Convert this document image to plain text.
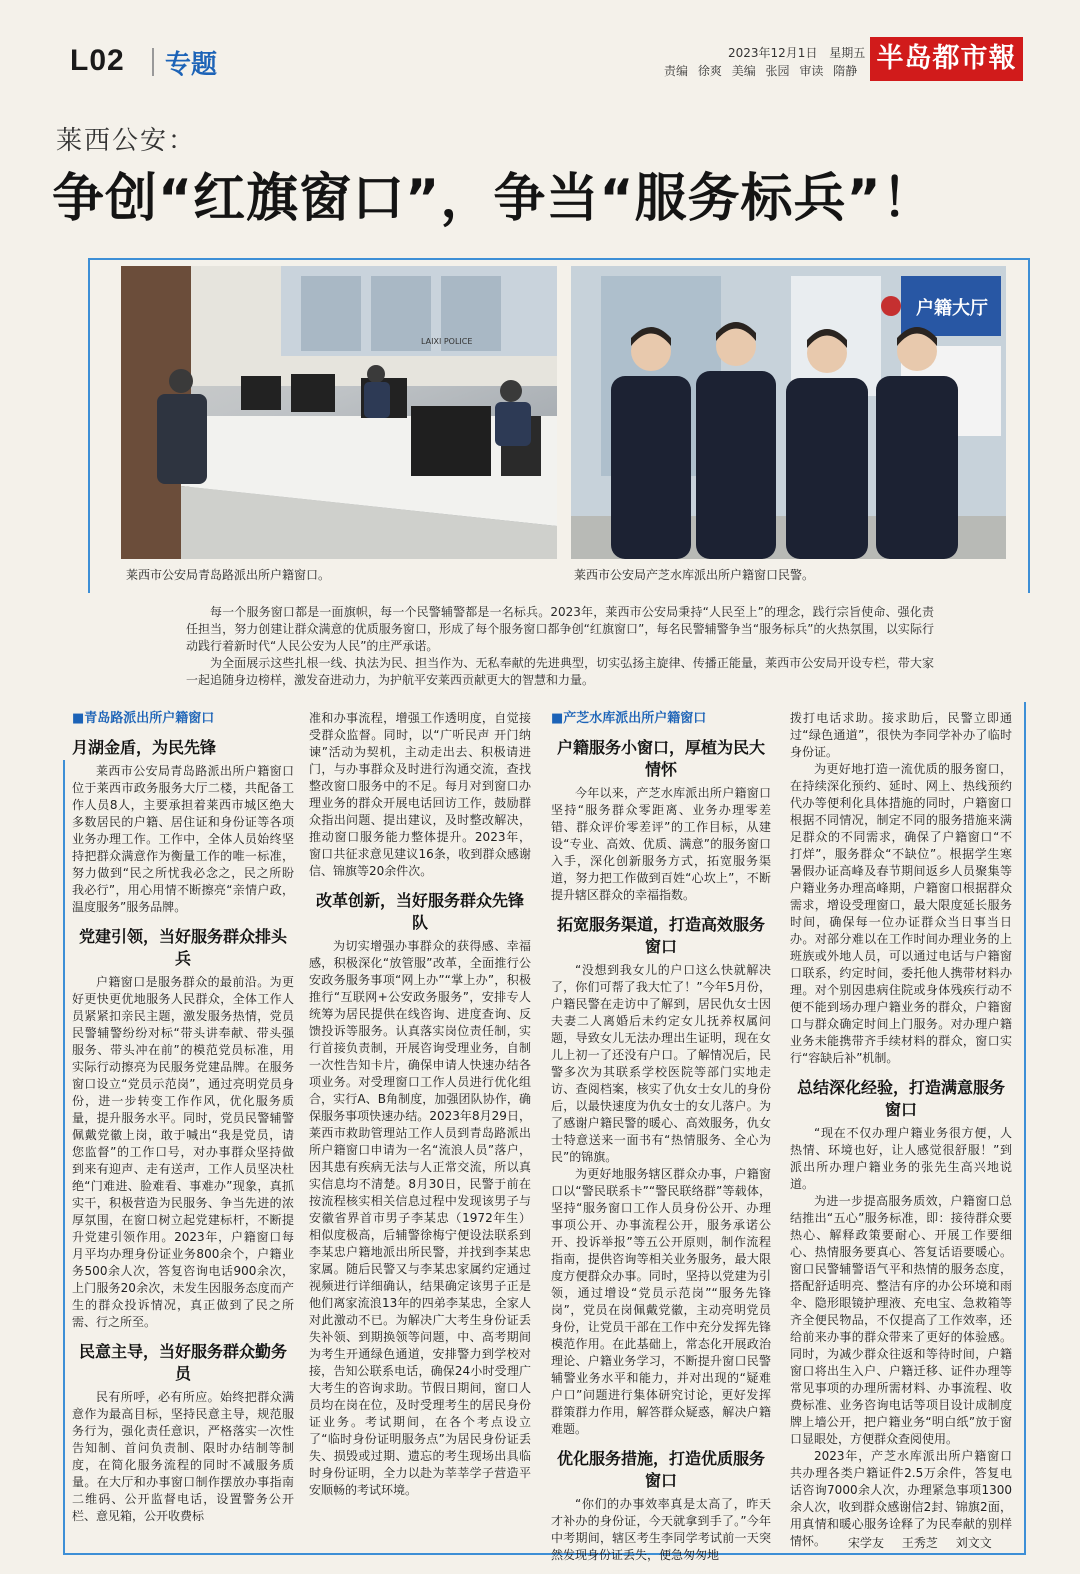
L02 专题	2023年12月1日 星期五
责编 徐爽 美编 张园 审读 隋静 半岛都市報
莱西公安：
争创“红旗窗口”，争当“服务标兵”！
LAIXI POLICE
户籍大厅
莱西市公安局青岛路派出所户籍窗口。	莱西市公安局产芝水库派出所户籍窗口民警。

每一个服务窗口都是一面旗帜，每一个民警辅警都是一名标兵。2023年，莱西市公安局秉持“人民至上”的理念，践行宗旨使命、强化责任担当，努力创建让群众满意的优质服务窗口，形成了每个服务窗口都争创“红旗窗口”，每名民警辅警争当“服务标兵”的火热氛围，以实际行动践行着新时代“人民公安为人民”的庄严承诺。

为全面展示这些扎根一线、执法为民、担当作为、无私奉献的先进典型，切实弘扬主旋律、传播正能量，莱西市公安局开设专栏，带大家一起追随身边榜样，激发奋进动力，为护航平安莱西贡献更大的智慧和力量。

■青岛路派出所户籍窗口
月湖金盾，为民先锋

莱西市公安局青岛路派出所户籍窗口位于莱西市政务服务大厅二楼，共配备工作人员8人，主要承担着莱西市城区绝大多数居民的户籍、居住证和身份证等各项业务办理工作。工作中，全体人员始终坚持把群众满意作为衡量工作的唯一标准，努力做到“民之所忧我必念之，民之所盼我必行”，用心用情不断擦亮“亲情户政，温度服务”服务品牌。

党建引领，当好服务群众排头兵

户籍窗口是服务群众的最前沿。为更好更快更优地服务人民群众，全体工作人员紧紧扣亲民主题，激发服务热情，党员民警辅警纷纷对标“带头讲奉献、带头强服务、带头冲在前”的模范党员标准，用实际行动擦亮为民服务党建品牌。在服务窗口设立“党员示范岗”，通过亮明党员身份，进一步转变工作作风，优化服务质量，提升服务水平。同时，党员民警辅警佩戴党徽上岗，敢于喊出“我是党员，请您监督”的工作口号，对办事群众坚持做到来有迎声、走有送声，工作人员坚决杜绝“门难进、脸难看、事难办”现象，真抓实干，积极营造为民服务、争当先进的浓厚氛围，在窗口树立起党建标杆，不断提升党建引领作用。2023年，户籍窗口每月平均办理身份证业务800余个，户籍业务500余人次，答复咨询电话900余次，上门服务20余次，未发生因服务态度而产生的群众投诉情况，真正做到了民之所需、行之所至。

民意主导，当好服务群众勤务员

民有所呼，必有所应。始终把群众满意作为最高目标，坚持民意主导，规范服务行为，强化责任意识，严格落实一次性告知制、首问负责制、限时办结制等制度，在简化服务流程的同时不减服务质量。在大厅和办事窗口制作摆放办事指南二维码、公开监督电话，设置警务公开栏、意见箱，公开收费标

准和办事流程，增强工作透明度，自觉接受群众监督。同时，以“广听民声 开门纳谏”活动为契机，主动走出去、积极请进门，与办事群众及时进行沟通交流，查找整改窗口服务中的不足。每月对到窗口办理业务的群众开展电话回访工作，鼓励群众指出问题、提出建议，及时整改解决，推动窗口服务能力整体提升。2023年，窗口共征求意见建议16条，收到群众感谢信、锦旗等20余件次。

改革创新，当好服务群众先锋队

为切实增强办事群众的获得感、幸福感，积极深化“放管服”改革，全面推行公安政务服务事项“网上办”“掌上办”，积极推行“互联网+公安政务服务”，安排专人统筹为居民提供在线咨询、进度查询、反馈投诉等服务。认真落实岗位责任制，实行首接负责制，开展咨询受理业务，自制一次性告知卡片，确保申请人快速办结各项业务。对受理窗口工作人员进行优化组合，实行A、B角制度，加强团队协作，确保服务事项快速办结。2023年8月29日，莱西市救助管理站工作人员到青岛路派出所户籍窗口申请为一名“流浪人员”落户，因其患有疾病无法与人正常交流，所以真实信息均不清楚。8月30日，民警于前在按流程核实相关信息过程中发现该男子与安徽省界首市男子李某忠（1972年生）相似度极高，后辅警徐梅宁便设法联系到李某忠户籍地派出所民警，并找到李某忠家属。随后民警又与李某忠家属约定通过视频进行详细确认，结果确定该男子正是他们离家流浪13年的四弟李某忠，全家人对此激动不已。为解决广大考生身份证丢失补领、到期换领等问题，中、高考期间为考生开通绿色通道，安排警力到学校对接，告知公联系电话，确保24小时受理广大考生的咨询求助。节假日期间，窗口人员均在岗在位，及时受理考生的居民身份证业务。考试期间，在各个考点设立了“临时身份证明服务点”为居民身份证丢失、损毁或过期、遗忘的考生现场出具临时身份证明，全力以赴为莘莘学子营造平安顺畅的考试环境。

■产芝水库派出所户籍窗口
户籍服务小窗口，厚植为民大情怀

今年以来，产芝水库派出所户籍窗口坚持“服务群众零距离、业务办理零差错、群众评价零差评”的工作目标，从建设“专业、高效、优质、满意”的服务窗口入手，深化创新服务方式，拓宽服务渠道，努力把工作做到百姓“心坎上”，不断提升辖区群众的幸福指数。

拓宽服务渠道，打造高效服务窗口

“没想到我女儿的户口这么快就解决了，你们可帮了我大忙了！”今年5月份，户籍民警在走访中了解到，居民仇女士因夫妻二人离婚后未约定女儿抚养权属问题，导致女儿无法办理出生证明，现在女儿上初一了还没有户口。了解情况后，民警多次为其联系学校医院等部门实地走访、查阅档案，核实了仇女士女儿的身份后，以最快速度为仇女士的女儿落户。为了感谢户籍民警的暖心、高效服务，仇女士特意送来一面书有“热情服务、全心为民”的锦旗。

为更好地服务辖区群众办事，户籍窗口以“警民联系卡”“警民联络群”等载体，坚持“服务窗口工作人员身份公开、办理事项公开、办事流程公开，服务承诺公开、投诉举报”等五公开原则，制作流程指南，提供咨询等相关业务服务，最大限度方便群众办事。同时，坚持以党建为引领，通过增设“党员示范岗”“服务先锋岗”，党员在岗佩戴党徽，主动亮明党员身份，让党员干部在工作中充分发挥先锋模范作用。在此基础上，常态化开展政治理论、户籍业务学习，不断提升窗口民警辅警业务水平和能力，并对出现的“疑难户口”问题进行集体研究讨论，更好发挥群策群力作用，解答群众疑惑，解决户籍难题。

优化服务措施，打造优质服务窗口

“你们的办事效率真是太高了，昨天才补办的身份证，今天就拿到手了。”今年中考期间，辖区考生李同学考试前一天突然发现身份证丢失，便急匆匆地

拨打电话求助。接求助后，民警立即通过“绿色通道”，很快为李同学补办了临时身份证。

为更好地打造一流优质的服务窗口，在持续深化预约、延时、网上、热线预约代办等便利化具体措施的同时，户籍窗口根据不同情况，制定不同的服务措施来满足群众的不同需求，确保了户籍窗口“不打烊”，服务群众“不缺位”。根据学生寒暑假办证高峰及春节期间返乡人员聚集等户籍业务办理高峰期，户籍窗口根据群众需求，增设受理窗口，最大限度延长服务时间，确保每一位办证群众当日事当日办。对部分难以在工作时间办理业务的上班族或外地人员，可以通过电话与户籍窗口联系，约定时间，委托他人携带材料办理。对个别因患病住院或身体残疾行动不便不能到场办理户籍业务的群众，户籍窗口与群众确定时间上门服务。对办理户籍业务未能携带齐手续材料的群众，窗口实行“容缺后补”机制。

总结深化经验，打造满意服务窗口

“现在不仅办理户籍业务很方便，人热情、环境也好，让人感觉很舒服！”到派出所办理户籍业务的张先生高兴地说道。

为进一步提高服务质效，户籍窗口总结推出“五心”服务标准，即：接待群众要热心、解释政策要耐心、开展工作要细心、热情服务要真心、答复话语要暖心。窗口民警辅警语气平和热情的服务态度，搭配舒适明亮、整洁有序的办公环境和雨伞、隐形眼镜护理液、充电宝、急救箱等齐全便民物品，不仅提高了工作效率，还给前来办事的群众带来了更好的体验感。同时，为减少群众往返和等待时间，户籍窗口将出生入户、户籍迁移、证件办理等常见事项的办理所需材料、办事流程、收费标准、业务咨询电话等项目设计成制度牌上墙公开，把户籍业务“明白纸”放于窗口显眼处，方便群众查阅使用。

2023年，产芝水库派出所户籍窗口共办理各类户籍证件2.5万余件，答复电话咨询7000余人次，办理紧急事项1300余人次，收到群众感谢信2封、锦旗2面，用真情和暖心服务诠释了为民奉献的别样情怀。	宋学友 王秀芝 刘文文
